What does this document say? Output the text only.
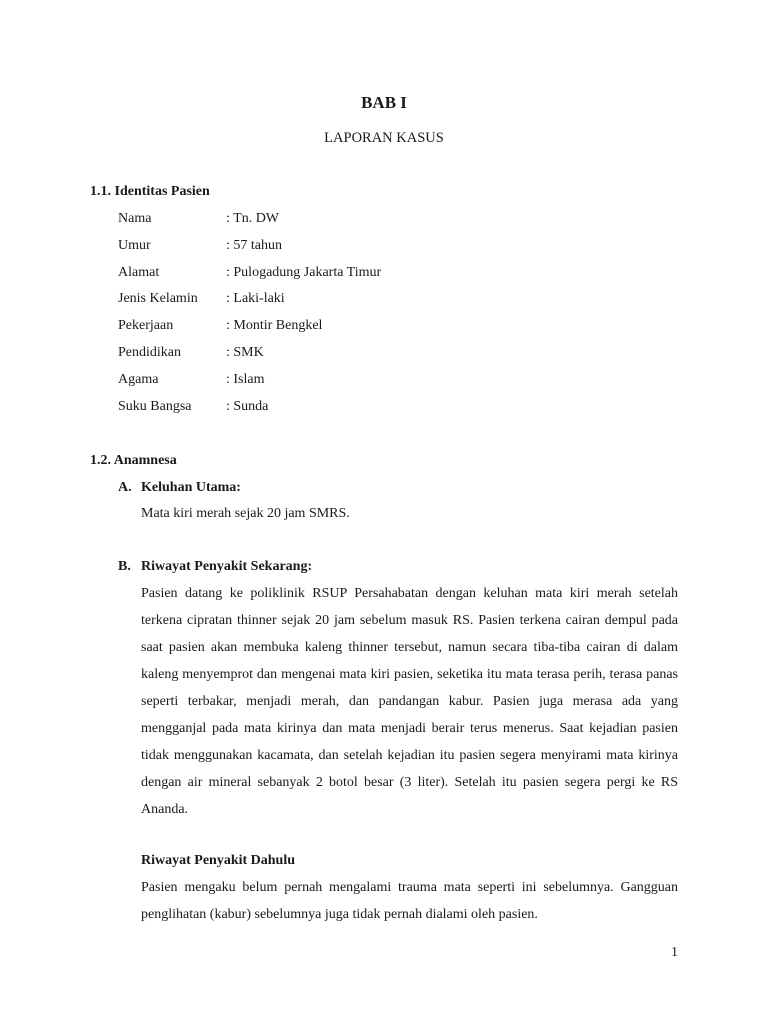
BAB I
LAPORAN KASUS
1.1. Identitas Pasien
Nama	: Tn. DW
Umur	: 57 tahun
Alamat	: Pulogadung Jakarta Timur
Jenis Kelamin : Laki-laki
Pekerjaan	: Montir Bengkel
Pendidikan	: SMK
Agama	: Islam
Suku Bangsa : Sunda
1.2. Anamnesa
A. Keluhan Utama:
Mata kiri merah sejak 20 jam SMRS.
B. Riwayat Penyakit Sekarang:
Pasien datang ke poliklinik RSUP Persahabatan dengan keluhan mata kiri merah setelah terkena cipratan thinner sejak 20 jam sebelum masuk RS. Pasien terkena cairan dempul pada saat pasien akan membuka kaleng thinner tersebut, namun secara tiba-tiba cairan di dalam kaleng menyemprot dan mengenai mata kiri pasien, seketika itu mata terasa perih, terasa panas seperti terbakar, menjadi merah, dan pandangan kabur. Pasien juga merasa ada yang mengganjal pada mata kirinya dan mata menjadi berair terus menerus. Saat kejadian pasien tidak menggunakan kacamata, dan setelah kejadian itu pasien segera menyirami mata kirinya dengan air mineral sebanyak 2 botol besar (3 liter). Setelah itu pasien segera pergi ke RS Ananda.
Riwayat Penyakit Dahulu
Pasien mengaku belum pernah mengalami trauma mata seperti ini sebelumnya. Gangguan penglihatan (kabur) sebelumnya juga tidak pernah dialami oleh pasien.
1
